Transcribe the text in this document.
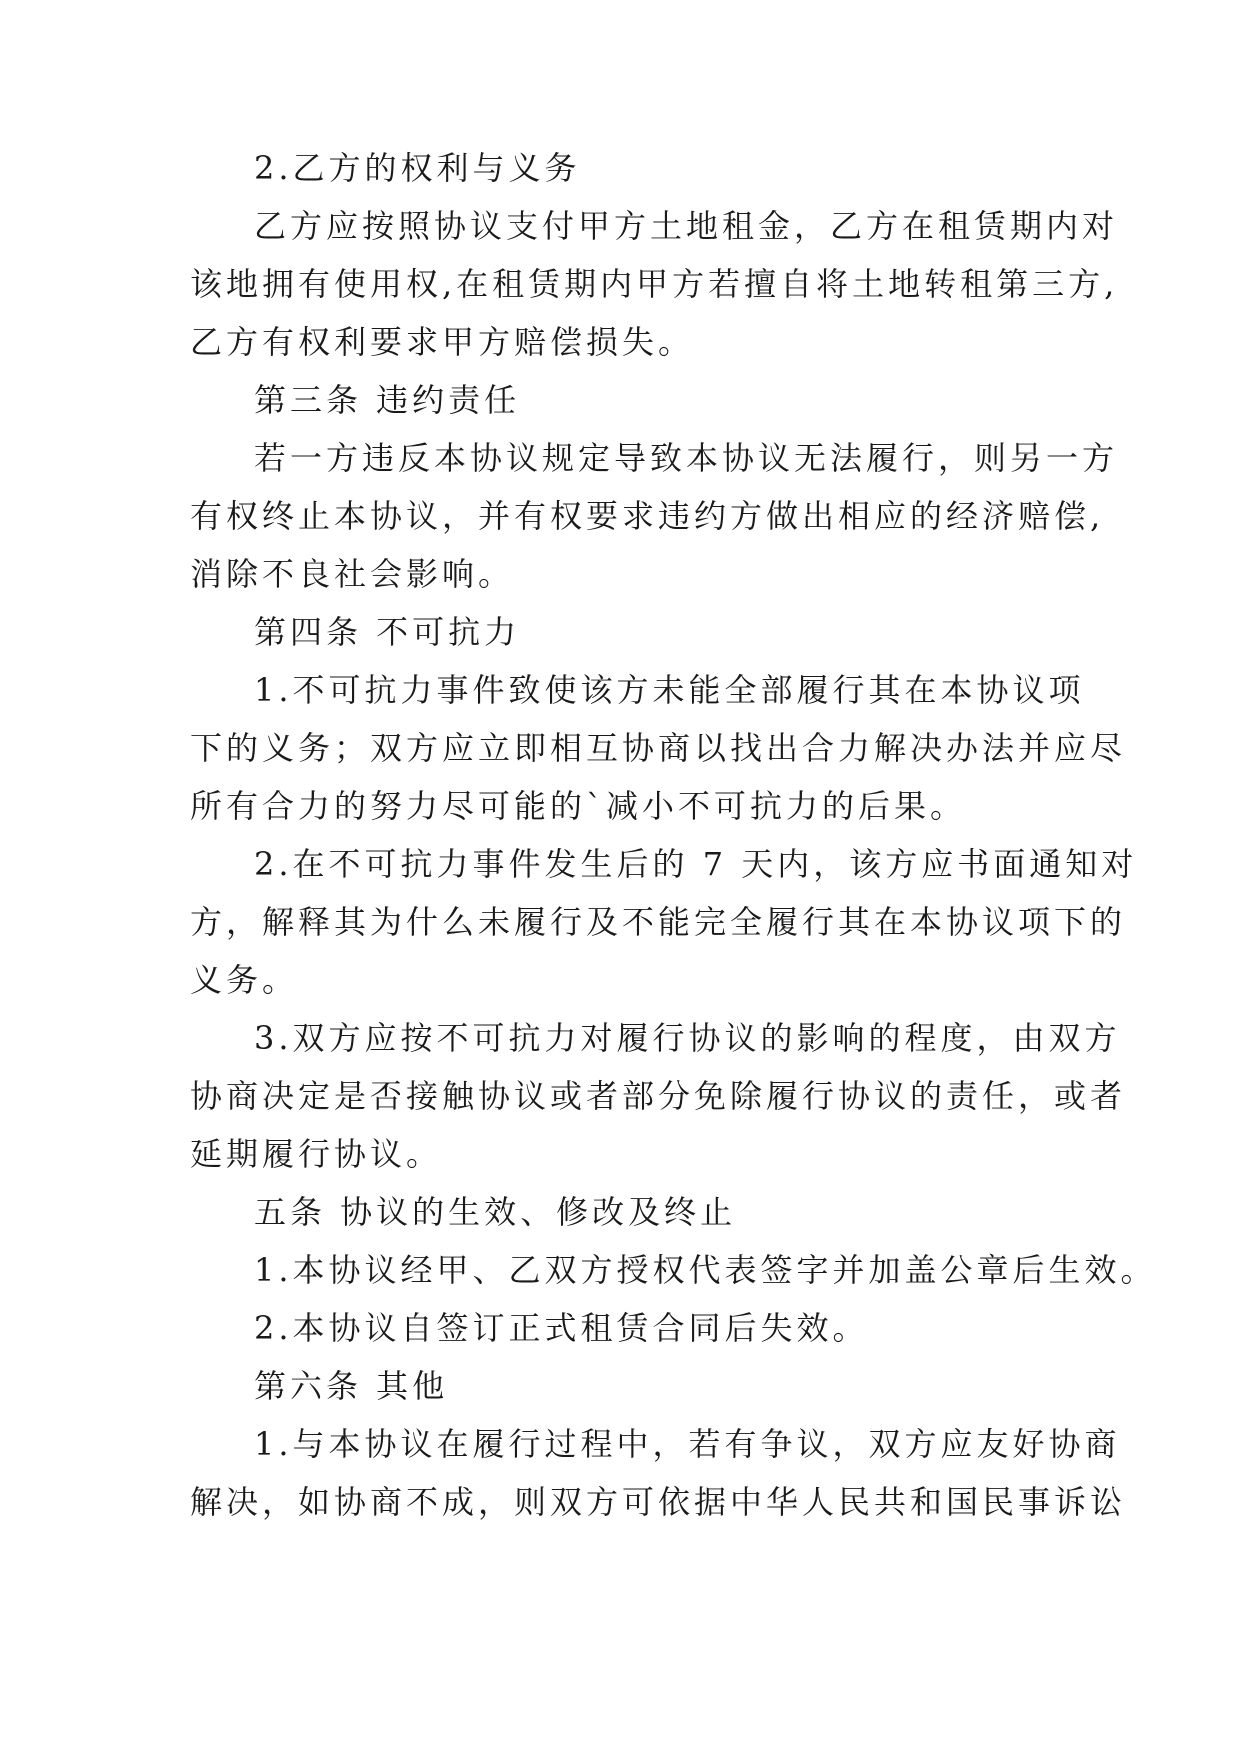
2.乙方的权利与义务
乙方应按照协议支付甲方土地租金，乙方在租赁期内对
该地拥有使用权,在租赁期内甲方若擅自将土地转租第三方,
乙方有权利要求甲方赔偿损失。
第三条 违约责任
若一方违反本协议规定导致本协议无法履行，则另一方
有权终止本协议，并有权要求违约方做出相应的经济赔偿,
消除不良社会影响。
第四条 不可抗力
1.不可抗力事件致使该方未能全部履行其在本协议项
下的义务；双方应立即相互协商以找出合力解决办法并应尽
所有合力的努力尽可能的`减小不可抗力的后果。
2.在不可抗力事件发生后的 7 天内，该方应书面通知对
方，解释其为什么未履行及不能完全履行其在本协议项下的
义务。
3.双方应按不可抗力对履行协议的影响的程度，由双方
协商决定是否接触协议或者部分免除履行协议的责任，或者
延期履行协议。
五条 协议的生效、修改及终止
1.本协议经甲、乙双方授权代表签字并加盖公章后生效。
2.本协议自签订正式租赁合同后失效。
第六条 其他
1.与本协议在履行过程中，若有争议，双方应友好协商
解决，如协商不成，则双方可依据中华人民共和国民事诉讼
